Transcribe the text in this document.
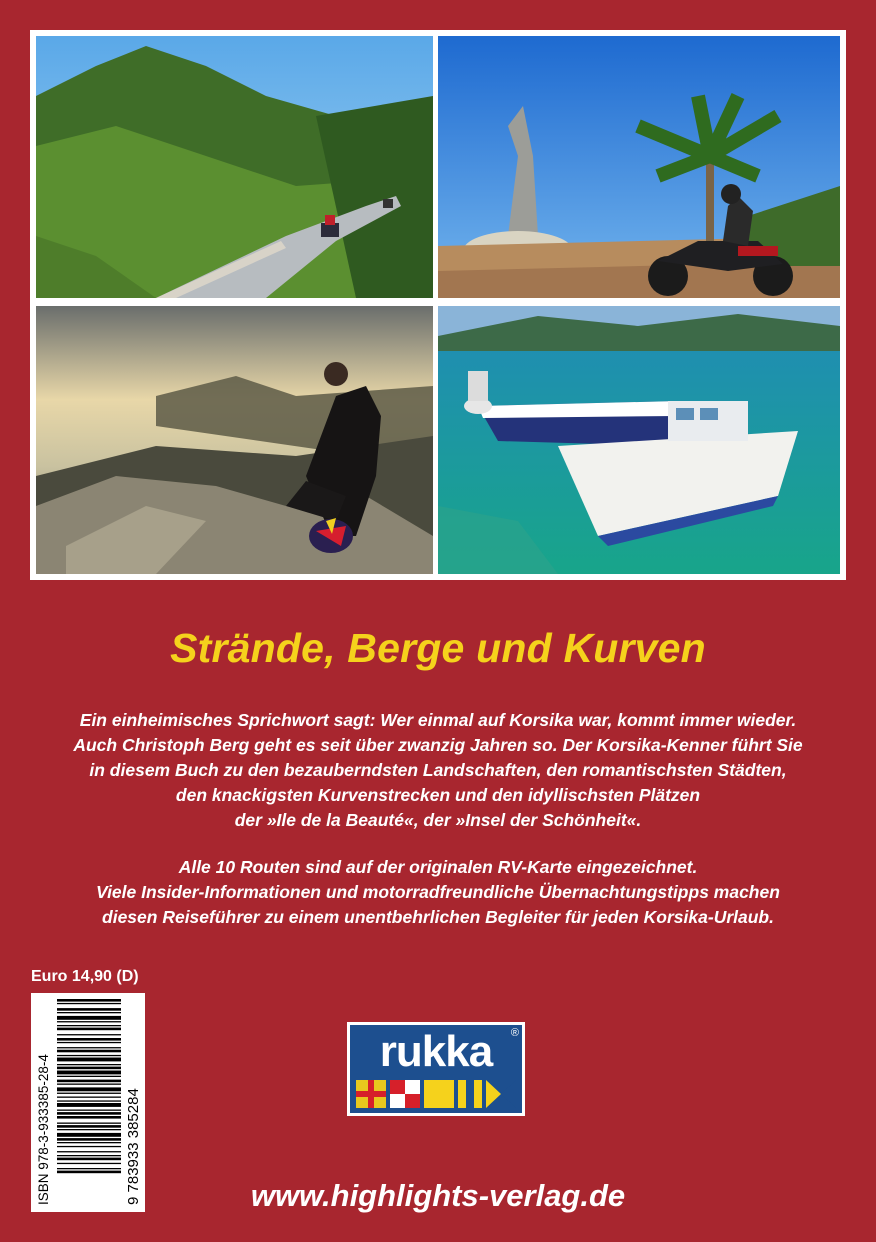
Strände, Berge und Kurven
Ein einheimisches Sprichwort sagt: Wer einmal auf Korsika war, kommt immer wieder.
Auch Christoph Berg geht es seit über zwanzig Jahren so. Der Korsika-Kenner führt Sie
in diesem Buch zu den bezauberndsten Landschaften, den romantischsten Städten,
den knackigsten Kurvenstrecken und den idyllischsten Plätzen
der »Ile de la Beauté«, der »Insel der Schönheit«.
Alle 10 Routen sind auf der originalen RV-Karte eingezeichnet.
Viele Insider-Informationen und motorradfreundliche Übernachtungstipps machen
diesen Reiseführer zu einem unentbehrlichen Begleiter für jeden Korsika-Urlaub.
Euro 14,90 (D)
ISBN 978-3-933385-28-4	9 783933 385284
rukka	®
www.highlights-verlag.de
